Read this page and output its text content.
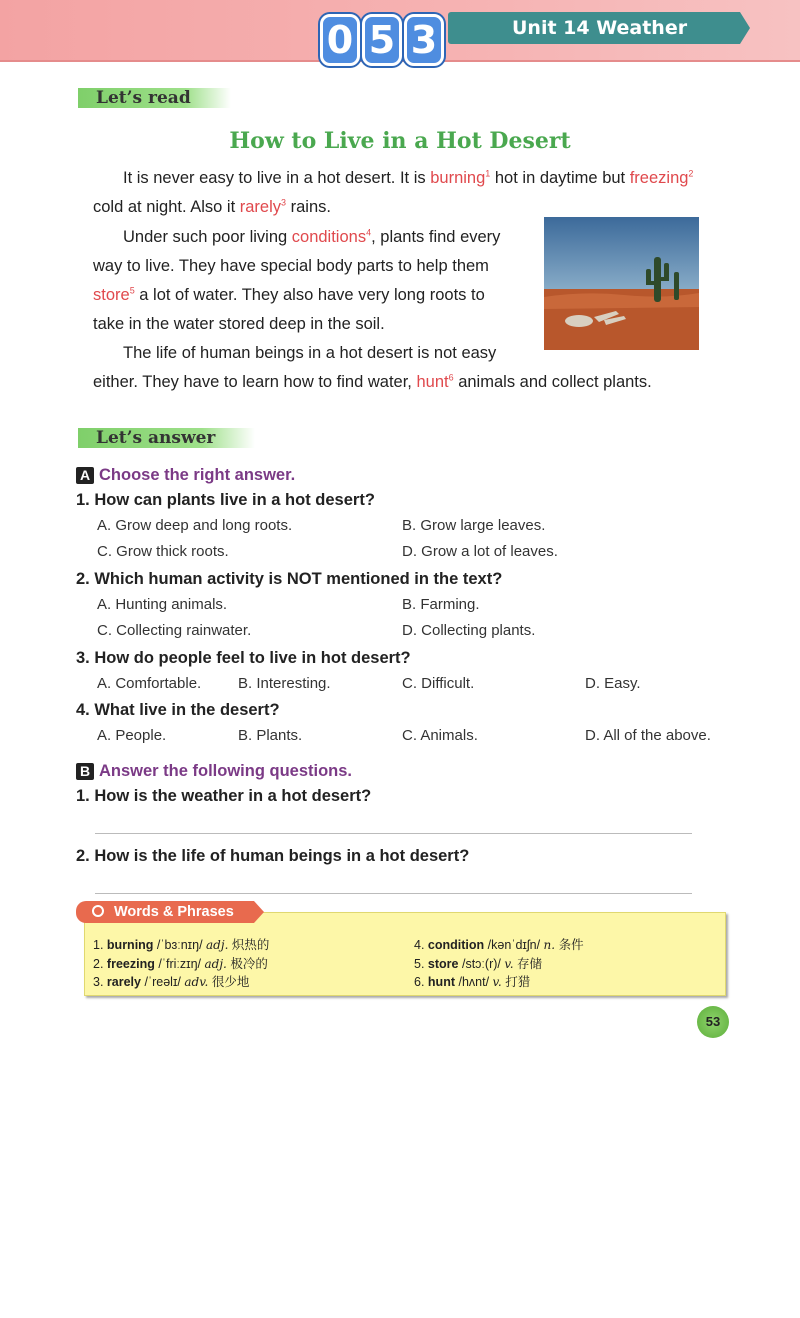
0 5 3	Unit 14 Weather
Let’s read
How to Live in a Hot Desert

It is never easy to live in a hot desert. It is burning$^1$ hot in daytime but freezing$^2$
cold at night. Also it rarely$^3$ rains.

Under such poor living conditions$^4$, plants find every
way to live. They have special body parts to help them
store$^5$ a lot of water. They also have very long roots to
take in the water stored deep in the soil.

The life of human beings in a hot desert is not easy
either. They have to learn how to find water, hunt$^6$ animals and collect plants.

Let’s answer
A Choose the right answer.
1. How can plants live in a hot desert?
A. Grow deep and long roots.	B. Grow large leaves.
C. Grow thick roots.	D. Grow a lot of leaves.
2. Which human activity is NOT mentioned in the text?
A. Hunting animals.	B. Farming.
C. Collecting rainwater.	D. Collecting plants.
3. How do people feel to live in hot desert?
A. Comfortable. B. Interesting.	C. Difficult.	D. Easy.
4. What live in the desert?
A. People.	B. Plants.	C. Animals.	D. All of the above.
B Answer the following questions.
1. How is the weather in a hot desert?
2. How is the life of human beings in a hot desert?
Words & Phrases
1. burning /ˈbɜːnɪŋ/ adj. 炽热的
2. freezing /ˈfriːzɪŋ/ adj. 极冷的
3. rarely /ˈreəlɪ/ adv. 很少地
4. condition /kənˈdɪʃn/ n. 条件
5. store /stɔː(r)/ v. 存储
6. hunt /hʌnt/ v. 打猎
53
